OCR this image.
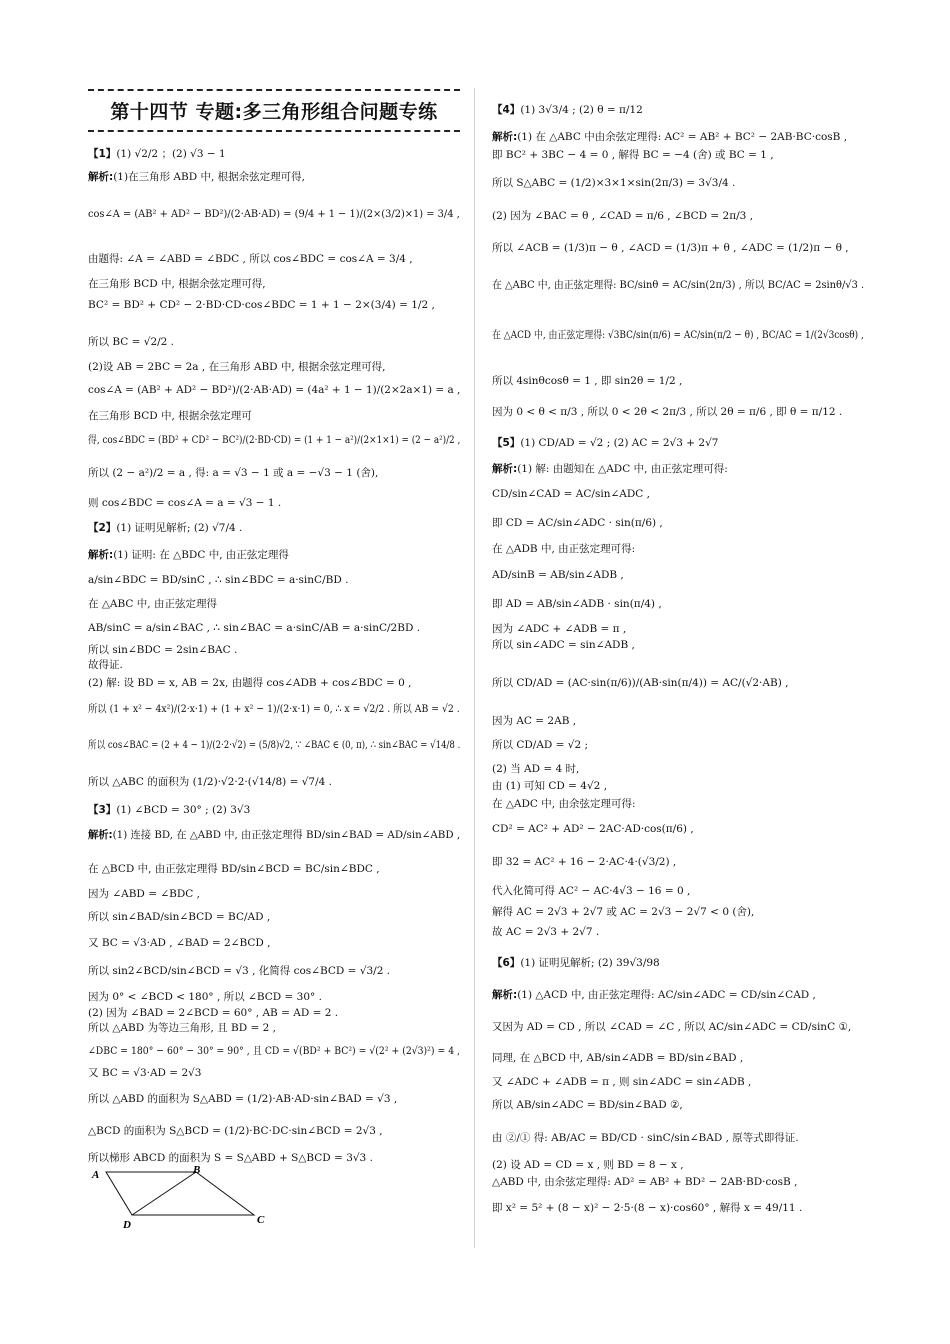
第十四节 专题:多三角形组合问题专练
【1】(1) √2/2 ；(2) √3 − 1
解析:(1)在三角形 ABD 中, 根据余弦定理可得,
cos∠A = (AB² + AD² − BD²)/(2·AB·AD) = (9/4 + 1 − 1)/(2×(3/2)×1) = 3/4 ,
由题得: ∠A = ∠ABD = ∠BDC , 所以 cos∠BDC = cos∠A = 3/4 ,
在三角形 BCD 中, 根据余弦定理可得,
BC² = BD² + CD² − 2·BD·CD·cos∠BDC = 1 + 1 − 2×(3/4) = 1/2 ,
所以 BC = √2/2 .
(2)设 AB = 2BC = 2a , 在三角形 ABD 中, 根据余弦定理可得,
cos∠A = (AB² + AD² − BD²)/(2·AB·AD) = (4a² + 1 − 1)/(2×2a×1) = a ,
在三角形 BCD 中, 根据余弦定理可
得, cos∠BDC = (BD² + CD² − BC²)/(2·BD·CD) = (1 + 1 − a²)/(2×1×1) = (2 − a²)/2 ,
所以 (2 − a²)/2 = a , 得: a = √3 − 1 或 a = −√3 − 1 (舍),
则 cos∠BDC = cos∠A = a = √3 − 1 .
【2】(1) 证明见解析; (2) √7/4 .
解析:(1) 证明: 在 △BDC 中, 由正弦定理得
a/sin∠BDC = BD/sinC , ∴ sin∠BDC = a·sinC/BD .
在 △ABC 中, 由正弦定理得
AB/sinC = a/sin∠BAC , ∴ sin∠BAC = a·sinC/AB = a·sinC/2BD .
所以 sin∠BDC = 2sin∠BAC .
故得证.
(2) 解: 设 BD = x, AB = 2x, 由题得 cos∠ADB + cos∠BDC = 0 ,
所以 (1 + x² − 4x²)/(2·x·1) + (1 + x² − 1)/(2·x·1) = 0, ∴ x = √2/2 . 所以 AB = √2 .
所以 cos∠BAC = (2 + 4 − 1)/(2·2·√2) = (5/8)√2, ∵ ∠BAC ∈ (0, π), ∴ sin∠BAC = √14/8 .
所以 △ABC 的面积为 (1/2)·√2·2·(√14/8) = √7/4 .
【3】(1) ∠BCD = 30° ; (2) 3√3
解析:(1) 连接 BD, 在 △ABD 中, 由正弦定理得 BD/sin∠BAD = AD/sin∠ABD ,
在 △BCD 中, 由正弦定理得 BD/sin∠BCD = BC/sin∠BDC ,
因为 ∠ABD = ∠BDC ,
所以 sin∠BAD/sin∠BCD = BC/AD ,
又 BC = √3·AD , ∠BAD = 2∠BCD ,
所以 sin2∠BCD/sin∠BCD = √3 , 化简得 cos∠BCD = √3/2 .
因为 0° < ∠BCD < 180° , 所以 ∠BCD = 30° .
(2) 因为 ∠BAD = 2∠BCD = 60° , AB = AD = 2 .
所以 △ABD 为等边三角形, 且 BD = 2 ,
∠DBC = 180° − 60° − 30° = 90° , 且 CD = √(BD² + BC²) = √(2² + (2√3)²) = 4 ,
又 BC = √3·AD = 2√3
所以 △ABD 的面积为 S△ABD = (1/2)·AB·AD·sin∠BAD = √3 ,
△BCD 的面积为 S△BCD = (1/2)·BC·DC·sin∠BCD = 2√3 ,
所以梯形 ABCD 的面积为 S = S△ABD + S△BCD = 3√3 .
【4】(1) 3√3/4 ; (2) θ = π/12
解析:(1) 在 △ABC 中由余弦定理得: AC² = AB² + BC² − 2AB·BC·cosB ,
即 BC² + 3BC − 4 = 0 , 解得 BC = −4 (舍) 或 BC = 1 ,
所以 S△ABC = (1/2)×3×1×sin(2π/3) = 3√3/4 .
(2) 因为 ∠BAC = θ , ∠CAD = π/6 , ∠BCD = 2π/3 ,
所以 ∠ACB = (1/3)π − θ , ∠ACD = (1/3)π + θ , ∠ADC = (1/2)π − θ ,
在 △ABC 中, 由正弦定理得: BC/sinθ = AC/sin(2π/3) , 所以 BC/AC = 2sinθ/√3 .
在 △ACD 中, 由正弦定理得: √3BC/sin(π/6) = AC/sin(π/2 − θ) , BC/AC = 1/(2√3cosθ) ,
所以 4sinθcosθ = 1 , 即 sin2θ = 1/2 ,
因为 0 < θ < π/3 , 所以 0 < 2θ < 2π/3 , 所以 2θ = π/6 , 即 θ = π/12 .
【5】(1) CD/AD = √2 ; (2) AC = 2√3 + 2√7
解析:(1) 解: 由题知在 △ADC 中, 由正弦定理可得:
CD/sin∠CAD = AC/sin∠ADC ,
即 CD = AC/sin∠ADC · sin(π/6) ,
在 △ADB 中, 由正弦定理可得:
AD/sinB = AB/sin∠ADB ,
即 AD = AB/sin∠ADB · sin(π/4) ,
因为 ∠ADC + ∠ADB = π ,
所以 sin∠ADC = sin∠ADB ,
所以 CD/AD = (AC·sin(π/6))/(AB·sin(π/4)) = AC/(√2·AB) ,
因为 AC = 2AB ,
所以 CD/AD = √2 ;
(2) 当 AD = 4 时,
由 (1) 可知 CD = 4√2 ,
在 △ADC 中, 由余弦定理可得:
CD² = AC² + AD² − 2AC·AD·cos(π/6) ,
即 32 = AC² + 16 − 2·AC·4·(√3/2) ,
代入化简可得 AC² − AC·4√3 − 16 = 0 ,
解得 AC = 2√3 + 2√7 或 AC = 2√3 − 2√7 < 0 (舍),
故 AC = 2√3 + 2√7 .
【6】(1) 证明见解析; (2) 39√3/98
解析:(1) △ACD 中, 由正弦定理得: AC/sin∠ADC = CD/sin∠CAD ,
又因为 AD = CD , 所以 ∠CAD = ∠C , 所以 AC/sin∠ADC = CD/sinC ①,
同理, 在 △BCD 中, AB/sin∠ADB = BD/sin∠BAD ,
又 ∠ADC + ∠ADB = π , 则 sin∠ADC = sin∠ADB ,
所以 AB/sin∠ADC = BD/sin∠BAD ②,
由 ②/① 得: AB/AC = BD/CD · sinC/sin∠BAD , 原等式即得证.
(2) 设 AD = CD = x , 则 BD = 8 − x ,
△ABD 中, 由余弦定理得: AD² = AB² + BD² − 2AB·BD·cosB ,
即 x² = 5² + (8 − x)² − 2·5·(8 − x)·cos60° , 解得 x = 49/11 .
A	B
D	C
